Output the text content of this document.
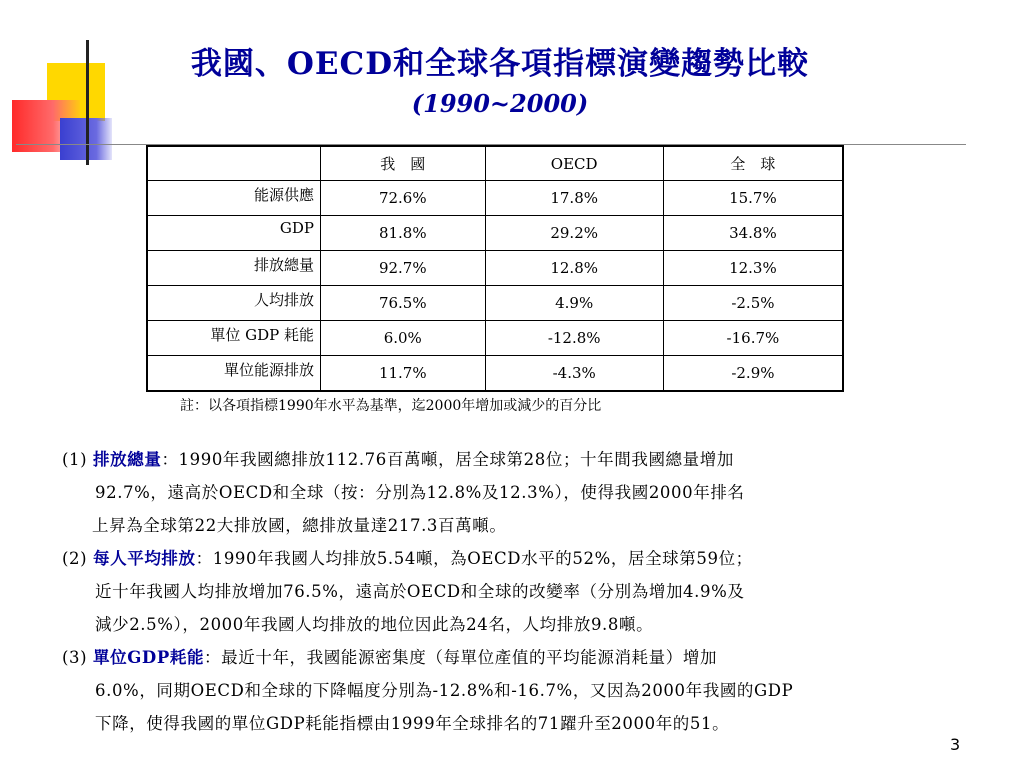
我國、OECD和全球各項指標演變趨勢比較
(1990~2000)
	我　國	OECD	全　球
能源供應	72.6%	17.8%	15.7%
GDP	81.8%	29.2%	34.8%
排放總量	92.7%	12.8%	12.3%
人均排放	76.5%	4.9%	-2.5%
單位 GDP 耗能	6.0%	-12.8%	-16.7%
單位能源排放	11.7%	-4.3%	-2.9%
註：以各項指標1990年水平為基準，迄2000年增加或減少的百分比
(1) 排放總量：1990年我國總排放112.76百萬噸，居全球第28位；十年間我國總量增加
92.7%，遠高於OECD和全球（按：分別為12.8%及12.3%），使得我國2000年排名
上昇為全球第22大排放國，總排放量達217.3百萬噸。
(2) 每人平均排放：1990年我國人均排放5.54噸，為OECD水平的52%，居全球第59位；
近十年我國人均排放增加76.5%，遠高於OECD和全球的改變率（分別為增加4.9%及
減少2.5%），2000年我國人均排放的地位因此為24名，人均排放9.8噸。
(3) 單位GDP耗能：最近十年，我國能源密集度（每單位產值的平均能源消耗量）增加
6.0%，同期OECD和全球的下降幅度分別為-12.8%和-16.7%，又因為2000年我國的GDP
下降，使得我國的單位GDP耗能指標由1999年全球排名的71躍升至2000年的51。
3
